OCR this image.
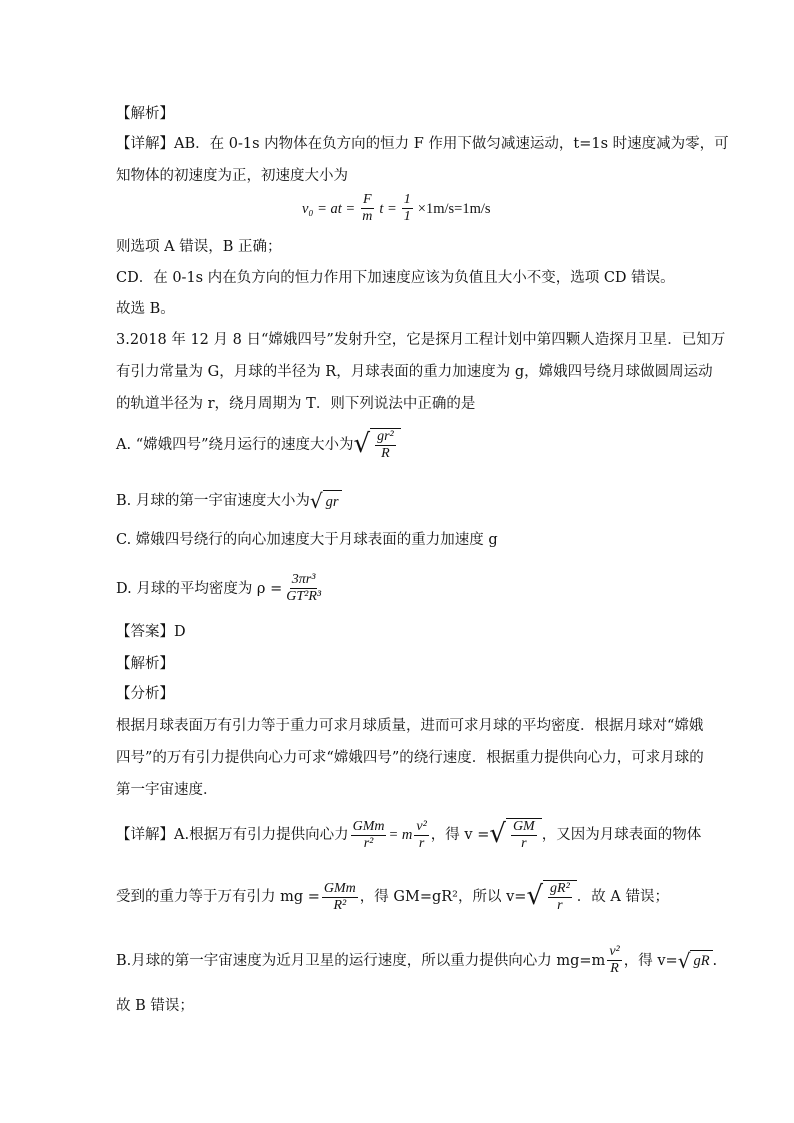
【解析】
【详解】AB．在 0-1s 内物体在负方向的恒力 F 作用下做匀减速运动，t=1s 时速度减为零，可
知物体的初速度为正，初速度大小为
v₀ = at = $\frac{F}{m}$ $t = \frac{1}{1} \times 1m/s=1m/s$
则选项 A 错误，B 正确；
CD．在 0-1s 内在负方向的恒力作用下加速度应该为负值且大小不变，选项 CD 错误。
故选 B。
3.2018 年 12 月 8 日“嫦娥四号”发射升空，它是探月工程计划中第四颗人造探月卫星．已知万
有引力常量为 G，月球的半径为 R，月球表面的重力加速度为 g，嫦娥四号绕月球做圆周运动
的轨道半径为 r，绕月周期为 T．则下列说法中正确的是
A. “嫦娥四号”绕月运行的速度大小为 √ $\frac{\text{gr²}}{R}$
B. 月球的第一宇宙速度大小为 √ gr
C. 嫦娥四号绕行的向心加速度大于月球表面的重力加速度 g
D. 月球的平均密度为 $\rho = \frac{\text{3πr³}}{\text{GT²R³}}$
【答案】D
【解析】
【分析】
根据月球表面万有引力等于重力可求月球质量，进而可求月球的平均密度．根据月球对“嫦娥
四号”的万有引力提供向心力可求“嫦娥四号”的绕行速度．根据重力提供向心力，可求月球的
第一宇宙速度．
【详解】A.根据万有引力提供向心力 $\frac{\text{GMm}}{\text{r²}} = m \frac{\text{v²}}{r}$ ，得 v = √ $\frac{GM}{r}$ ，又因为月球表面的物体
受到的重力等于万有引力 mg = $\frac{\text{GMm}}{\text{R²}}$ ，得 GM=gR²，所以 v= √ $\frac{\text{gR²}}{r}$ ．故 A 错误；
B.月球的第一宇宙速度为近月卫星的运行速度，所以重力提供向心力 $mg=m \frac{\text{v²}}{R}$ ，得 v= √ gR .
故 B 错误；
